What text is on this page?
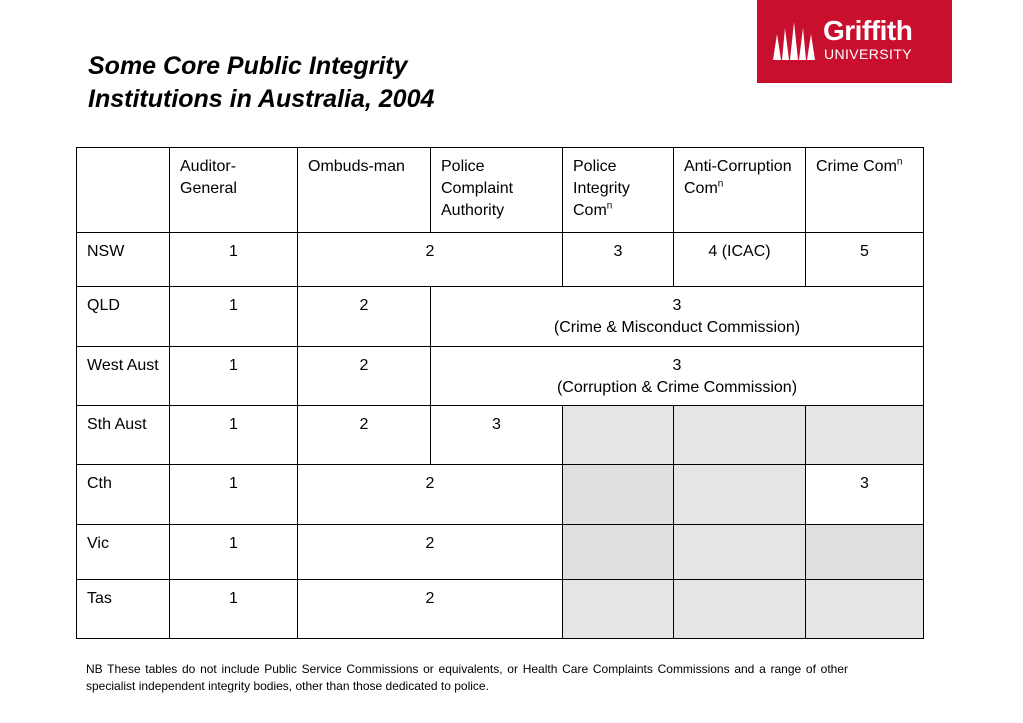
Some Core Public Integrity
Institutions in Australia, 2004
Griffith
UNIVERSITY
	Auditor-General	Ombuds-man	Police Complaint Authority	Police Integrity Com$^n$	Anti-Corruption Com$^n$	Crime Com$^n$
NSW	1	2		3	4 (ICAC)	5
QLD	1	2	3
(Crime & Misconduct Commission)			

West Aust	1	2	3
(Corruption & Crime Commission)			

Sth Aust	1	2	3			
Cth	1	2				3
Vic	1	2				
Tas	1	2				
NB These tables do not include Public Service Commissions or equivalents, or Health Care Complaints Commissions and a range of other specialist independent integrity bodies, other than those dedicated to police.
